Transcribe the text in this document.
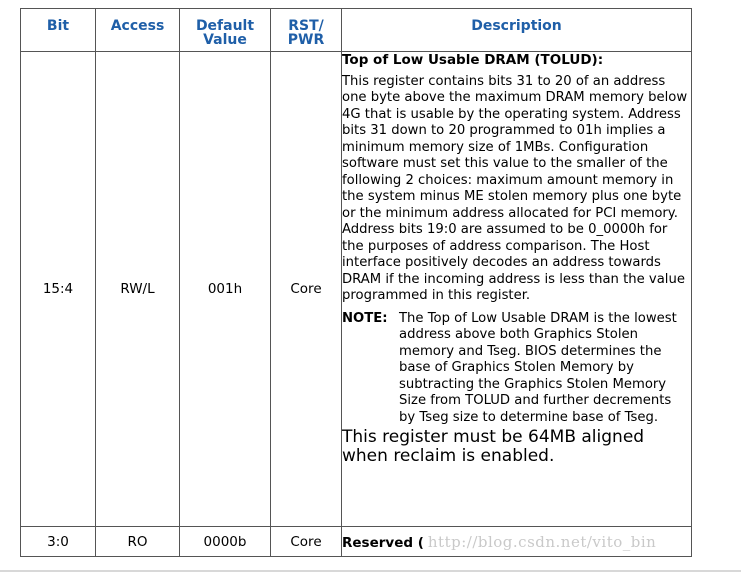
Bit	Access	Default Value	RST/ PWR	Description
15:4	RW/L	001h	Core	Top of Low Usable DRAM (TOLUD):

This register contains bits 31 to 20 of an address one byte above the maximum DRAM memory below 4G that is usable by the operating system. Address bits 31 down to 20 programmed to 01h implies a minimum memory size of 1MBs. Configuration software must set this value to the smaller of the following 2 choices: maximum amount memory in the system minus ME stolen memory plus one byte or the minimum address allocated for PCI memory. Address bits 19:0 are assumed to be 0_0000h for the purposes of address comparison. The Host interface positively decodes an address towards DRAM if the incoming address is less than the value programmed in this register.

NOTE: The Top of Low Usable DRAM is the lowest address above both Graphics Stolen memory and Tseg. BIOS determines the base of Graphics Stolen Memory by subtracting the Graphics Stolen Memory Size from TOLUD and further decrements by Tseg size to determine base of Tseg.

This register must be 64MB aligned when reclaim is enabled.

3:0	RO	0000b	Core	Reserved ( http://blog.csdn.net/vito_bin
